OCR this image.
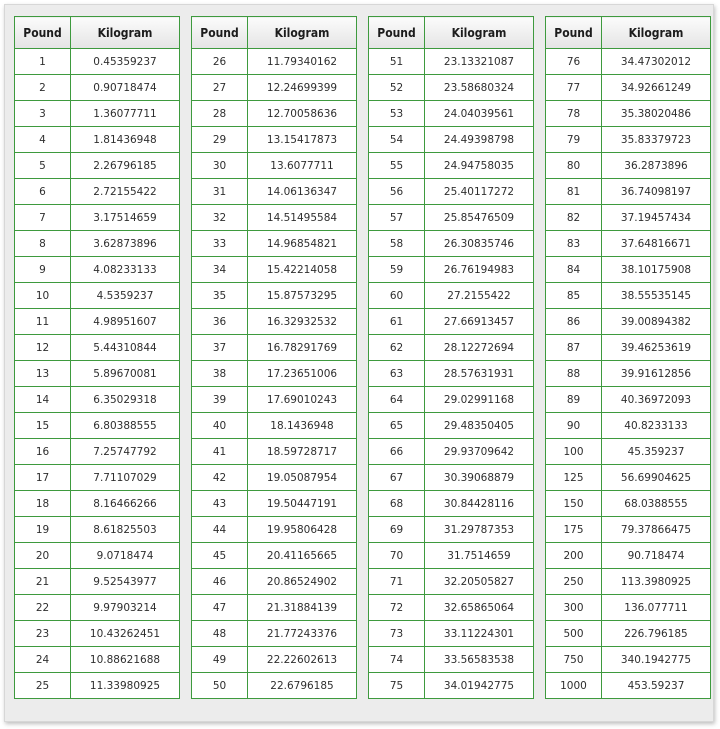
Pound	Kilogram
1	0.45359237
2	0.90718474
3	1.36077711
4	1.81436948
5	2.26796185
6	2.72155422
7	3.17514659
8	3.62873896
9	4.08233133
10	4.5359237
11	4.98951607
12	5.44310844
13	5.89670081
14	6.35029318
15	6.80388555
16	7.25747792
17	7.71107029
18	8.16466266
19	8.61825503
20	9.0718474
21	9.52543977
22	9.97903214
23	10.43262451
24	10.88621688
25	11.33980925
Pound	Kilogram
26	11.79340162
27	12.24699399
28	12.70058636
29	13.15417873
30	13.6077711
31	14.06136347
32	14.51495584
33	14.96854821
34	15.42214058
35	15.87573295
36	16.32932532
37	16.78291769
38	17.23651006
39	17.69010243
40	18.1436948
41	18.59728717
42	19.05087954
43	19.50447191
44	19.95806428
45	20.41165665
46	20.86524902
47	21.31884139
48	21.77243376
49	22.22602613
50	22.6796185
Pound	Kilogram
51	23.13321087
52	23.58680324
53	24.04039561
54	24.49398798
55	24.94758035
56	25.40117272
57	25.85476509
58	26.30835746
59	26.76194983
60	27.2155422
61	27.66913457
62	28.12272694
63	28.57631931
64	29.02991168
65	29.48350405
66	29.93709642
67	30.39068879
68	30.84428116
69	31.29787353
70	31.7514659
71	32.20505827
72	32.65865064
73	33.11224301
74	33.56583538
75	34.01942775
Pound	Kilogram
76	34.47302012
77	34.92661249
78	35.38020486
79	35.83379723
80	36.2873896
81	36.74098197
82	37.19457434
83	37.64816671
84	38.10175908
85	38.55535145
86	39.00894382
87	39.46253619
88	39.91612856
89	40.36972093
90	40.8233133
100	45.359237
125	56.69904625
150	68.0388555
175	79.37866475
200	90.718474
250	113.3980925
300	136.077711
500	226.796185
750	340.1942775
1000	453.59237
